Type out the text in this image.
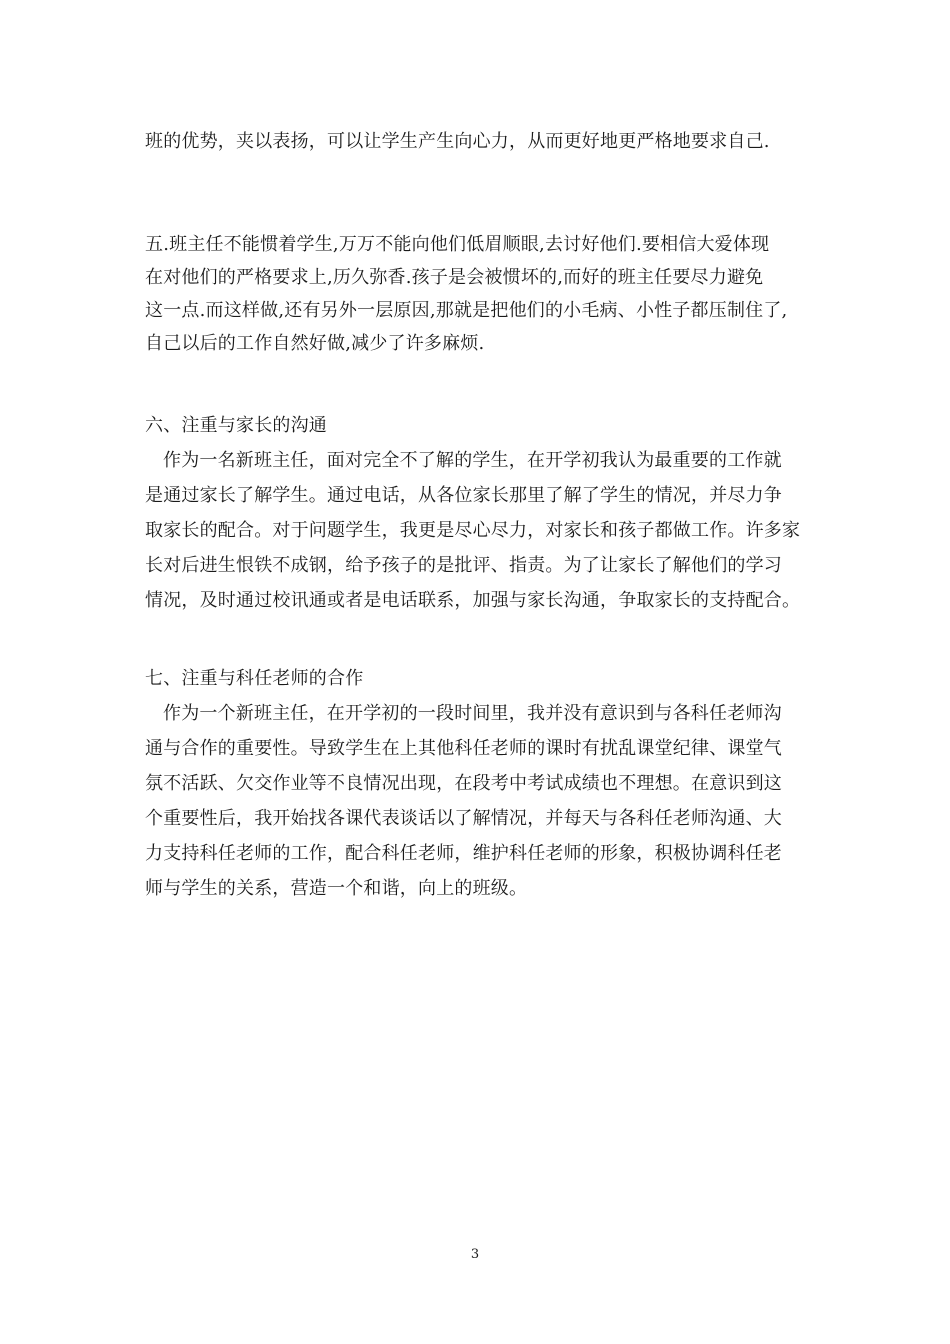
班的优势，夹以表扬，可以让学生产生向心力，从而更好地更严格地要求自己.
五.班主任不能惯着学生,万万不能向他们低眉顺眼,去讨好他们.要相信大爱体现
在对他们的严格要求上,历久弥香.孩子是会被惯坏的,而好的班主任要尽力避免
这一点.而这样做,还有另外一层原因,那就是把他们的小毛病、小性子都压制住了,
自己以后的工作自然好做,减少了许多麻烦.
六、注重与家长的沟通
作为一名新班主任，面对完全不了解的学生，在开学初我认为最重要的工作就
是通过家长了解学生。通过电话，从各位家长那里了解了学生的情况，并尽力争
取家长的配合。对于问题学生，我更是尽心尽力，对家长和孩子都做工作。许多家
长对后进生恨铁不成钢，给予孩子的是批评、指责。为了让家长了解他们的学习
情况，及时通过校讯通或者是电话联系，加强与家长沟通，争取家长的支持配合。
七、注重与科任老师的合作
作为一个新班主任，在开学初的一段时间里，我并没有意识到与各科任老师沟
通与合作的重要性。导致学生在上其他科任老师的课时有扰乱课堂纪律、课堂气
氛不活跃、欠交作业等不良情况出现，在段考中考试成绩也不理想。在意识到这
个重要性后，我开始找各课代表谈话以了解情况，并每天与各科任老师沟通、大
力支持科任老师的工作，配合科任老师，维护科任老师的形象，积极协调科任老
师与学生的关系，营造一个和谐，向上的班级。
3
